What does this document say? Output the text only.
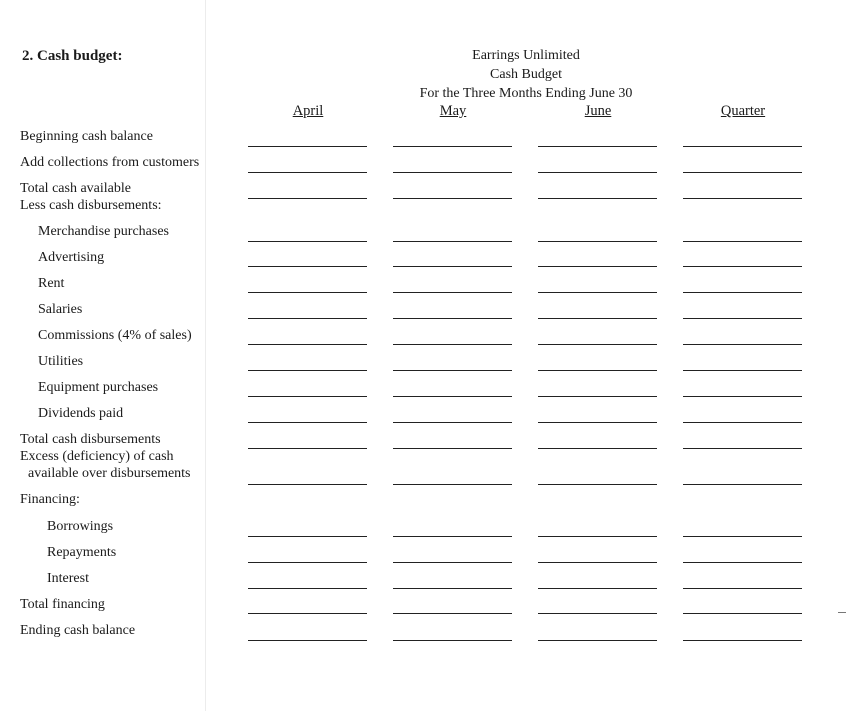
2. Cash budget:	Earrings Unlimited
Cash Budget
For the Three Months Ending June 30
April	May	June	Quarter
Beginning cash balance
Add collections from customers
Total cash available
Less cash disbursements:
Merchandise purchases
Advertising
Rent
Salaries
Commissions (4% of sales)
Utilities
Equipment purchases
Dividends paid
Total cash disbursements
Excess (deficiency) of cash
available over disbursements
Financing:
Borrowings
Repayments
Interest
Total financing
Ending cash balance
